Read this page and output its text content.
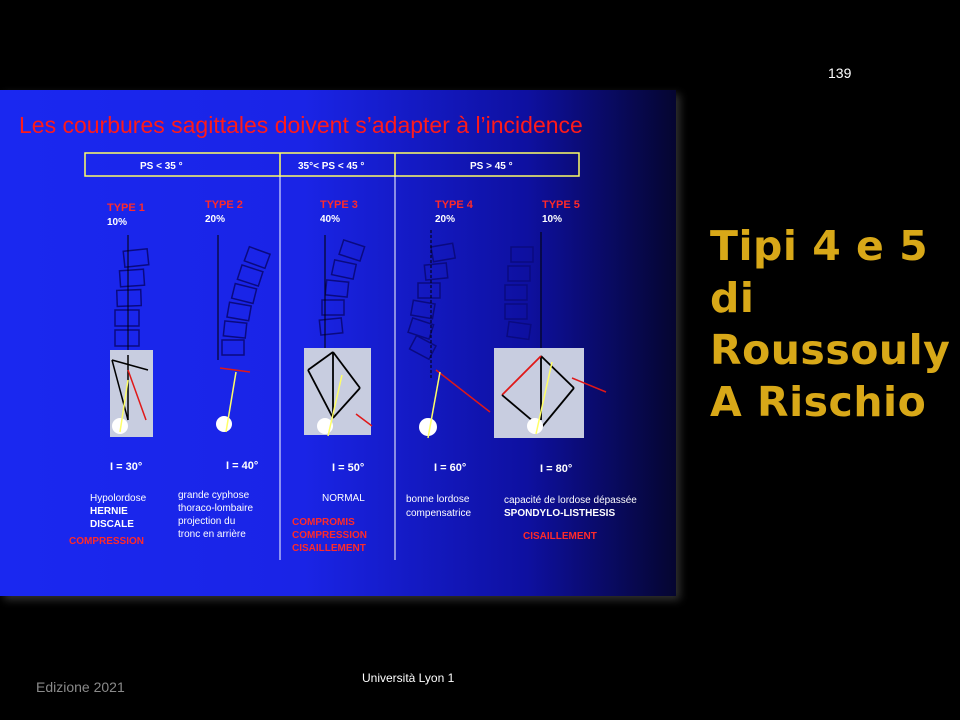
139
Les courbures sagittales doivent s’adapter à l’incidence
PS < 35 °	35°< PS < 45 °	PS > 45 °
TYPE 1
10%
I = 30°
Hypolordose
HERNIE
DISCALE
COMPRESSION
TYPE 2
20%
I = 40°
grande cyphose
thoraco-lombaire
projection du
tronc en arrière
TYPE 3
40%
I = 50°
NORMAL
COMPROMIS
COMPRESSION
CISAILLEMENT
TYPE 4
20%
I = 60°
bonne lordose
compensatrice
TYPE 5
10%
I = 80°
capacité de lordose dépassée
SPONDYLO-LISTHESIS
CISAILLEMENT
Tipi 4 e 5
di
Roussouly
A Rischio
Edizione 2021
Università Lyon 1
